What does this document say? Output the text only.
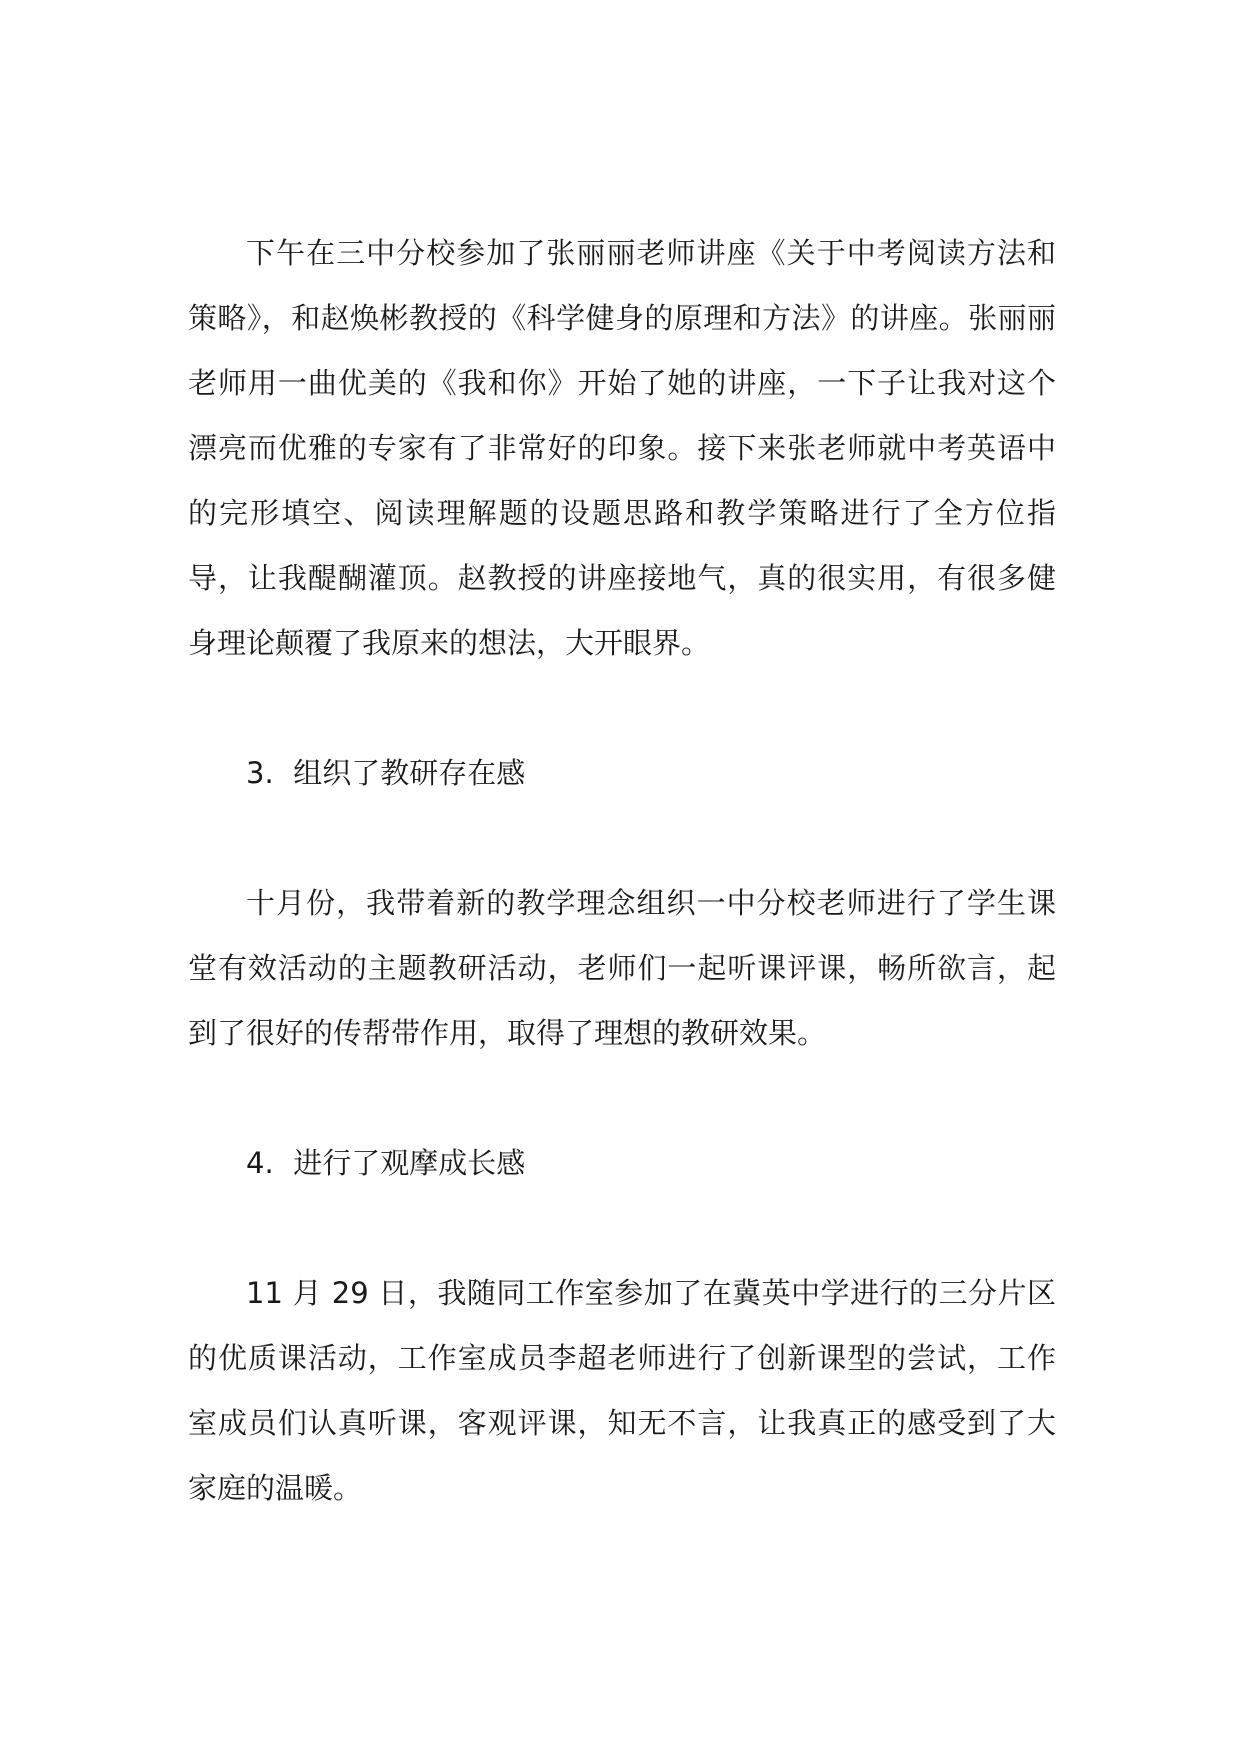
下午在三中分校参加了张丽丽老师讲座《关于中考阅读方法和策略》，和赵焕彬教授的《科学健身的原理和方法》的讲座。张丽丽老师用一曲优美的《我和你》开始了她的讲座，一下子让我对这个漂亮而优雅的专家有了非常好的印象。接下来张老师就中考英语中的完形填空、阅读理解题的设题思路和教学策略进行了全方位指导，让我醍醐灌顶。赵教授的讲座接地气，真的很实用，有很多健身理论颠覆了我原来的想法，大开眼界。

3. 组织了教研存在感

十月份，我带着新的教学理念组织一中分校老师进行了学生课堂有效活动的主题教研活动，老师们一起听课评课，畅所欲言，起到了很好的传帮带作用，取得了理想的教研效果。

4. 进行了观摩成长感

11 月 29 日，我随同工作室参加了在冀英中学进行的三分片区的优质课活动，工作室成员李超老师进行了创新课型的尝试，工作室成员们认真听课，客观评课，知无不言，让我真正的感受到了大家庭的温暖。
